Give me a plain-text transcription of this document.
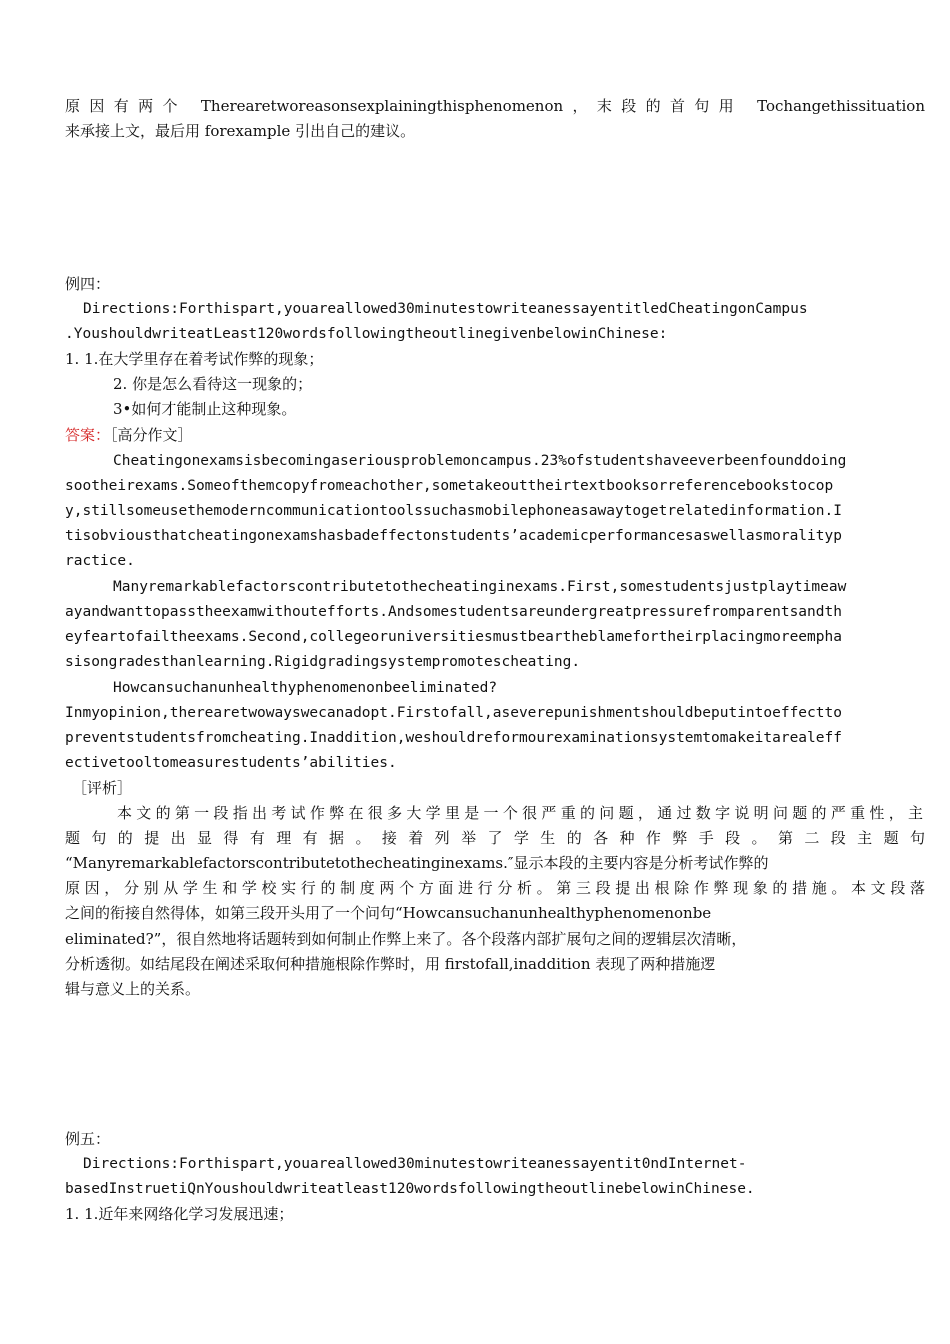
原因有两个 Therearetworeasonsexplainingthisphenomenon，末段的首句用 Tochangethissituation
来承接上文，最后用 forexample 引出自己的建议。
例四：
Directions:Forthispart,youareallowed30minutestowriteanessayentitledCheatingonCampus
.YoushouldwriteatLeast120wordsfollowingtheoutlinegivenbelowinChinese:
1. 1.在大学里存在着考试作弊的现象；
2. 你是怎么看待这一现象的；
3•如何才能制止这种现象。
答案：［高分作文］
Cheatingonexamsisbecomingaseriousproblemoncampus.23%ofstudentshaveeverbeenfounddoing
sootheirexams.Someofthemcopyfromeachother,sometakeouttheirtextbooksorreferencebookstocop
y,stillsomeusethemoderncommunicationtoolssuchasmobilephoneasawaytogetrelatedinformation.I
tisobviousthatcheatingonexamshasbadeffectonstudents’academicperformancesaswellasmoralityp
ractice.
Manyremarkablefactorscontributetothecheatinginexams.First,somestudentsjustplaytimeaw
ayandwanttopasstheexamwithoutefforts.Andsomestudentsareundergreatpressurefromparentsandth
eyfeartofailtheexams.Second,collegeoruniversitiesmustbeartheblamefortheirplacingmoreempha
sisongradesthanlearning.Rigidgradingsystempromotescheating.
Howcansuchanunhealthyphenomenonbeeliminated?
Inmyopinion,therearetwowayswecanadopt.Firstofall,aseverepunishmentshouldbeputintoeffectto
preventstudentsfromcheating.Inaddition,weshouldreformourexaminationsystemtomakeitarealeff
ectivetooltomeasurestudents’abilities.
［评析］
本文的第一段指出考试作弊在很多大学里是一个很严重的问题，通过数字说明问题的严重性，主
题 句 的 提 出 显 得 有 理 有 据 。 接 着 列 举 了 学 生 的 各 种 作 弊 手 段 。 第 二 段 主 题 句
“Manyremarkablefactorscontributetothecheatinginexams.″显示本段的主要内容是分析考试作弊的
原因，分别从学生和学校实行的制度两个方面进行分析。第三段提出根除作弊现象的措施。本文段落
之间的衔接自然得体，如第三段开头用了一个问句“Howcansuchanunhealthyphenomenonbe
eliminated?”，很自然地将话题转到如何制止作弊上来了。各个段落内部扩展句之间的逻辑层次清晰，
分析透彻。如结尾段在阐述采取何种措施根除作弊时，用 firstofall,inaddition 表现了两种措施逻
辑与意义上的关系。
例五：
Directions:Forthispart,youareallowed30minutestowriteanessayentit0ndInternet-
basedInstruetiQnYoushouldwriteatleast120wordsfollowingtheoutlinebelowinChinese.
1. 1.近年来网络化学习发展迅速；
